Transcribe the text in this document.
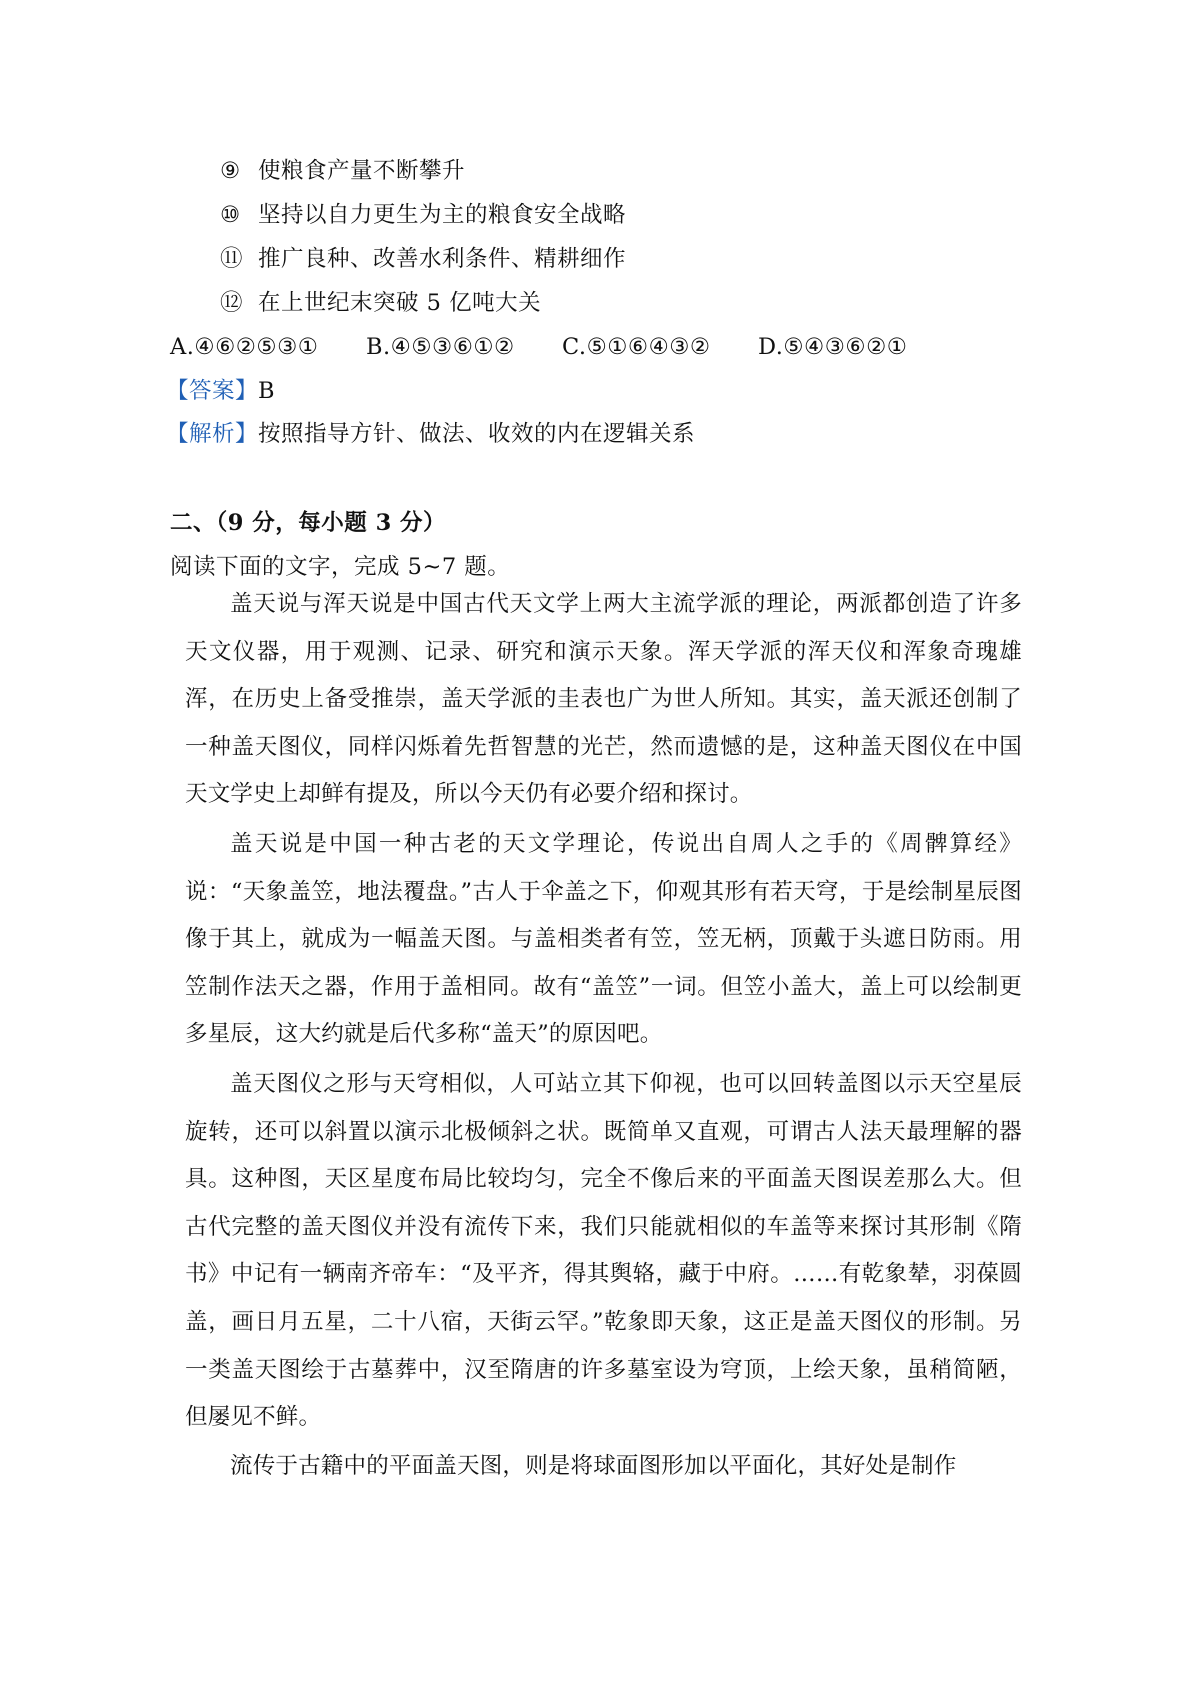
⑨ 使粮食产量不断攀升
⑩ 坚持以自力更生为主的粮食安全战略
⑪ 推广良种、改善水利条件、精耕细作
⑫ 在上世纪末突破 5 亿吨大关
A.④⑥②⑤③① B.④⑤③⑥①② C.⑤①⑥④③② D.⑤④③⑥②①
【答案】B
【解析】按照指导方针、做法、收效的内在逻辑关系
二、（9 分，每小题 3 分）
阅读下面的文字，完成 5~7 题。

盖天说与浑天说是中国古代天文学上两大主流学派的理论，两派都创造了许多天文仪器，用于观测、记录、研究和演示天象。浑天学派的浑天仪和浑象奇瑰雄浑，在历史上备受推崇，盖天学派的圭表也广为世人所知。其实，盖天派还创制了一种盖天图仪，同样闪烁着先哲智慧的光芒，然而遗憾的是，这种盖天图仪在中国天文学史上却鲜有提及，所以今天仍有必要介绍和探讨。

盖天说是中国一种古老的天文学理论，传说出自周人之手的《周髀算经》说：“天象盖笠，地法覆盘。”古人于伞盖之下，仰观其形有若天穹，于是绘制星辰图像于其上，就成为一幅盖天图。与盖相类者有笠，笠无柄，顶戴于头遮日防雨。用笠制作法天之器，作用于盖相同。故有“盖笠”一词。但笠小盖大，盖上可以绘制更多星辰，这大约就是后代多称“盖天”的原因吧。

盖天图仪之形与天穹相似，人可站立其下仰视，也可以回转盖图以示天空星辰旋转，还可以斜置以演示北极倾斜之状。既简单又直观，可谓古人法天最理解的器具。这种图，天区星度布局比较均匀，完全不像后来的平面盖天图误差那么大。但古代完整的盖天图仪并没有流传下来，我们只能就相似的车盖等来探讨其形制《隋书》中记有一辆南齐帝车：“及平齐，得其舆辂，藏于中府。……有乾象辇，羽葆圆盖，画日月五星，二十八宿，天街云罕。”乾象即天象，这正是盖天图仪的形制。另一类盖天图绘于古墓葬中，汉至隋唐的许多墓室设为穹顶，上绘天象，虽稍简陋，但屡见不鲜。

流传于古籍中的平面盖天图，则是将球面图形加以平面化，其好处是制作
